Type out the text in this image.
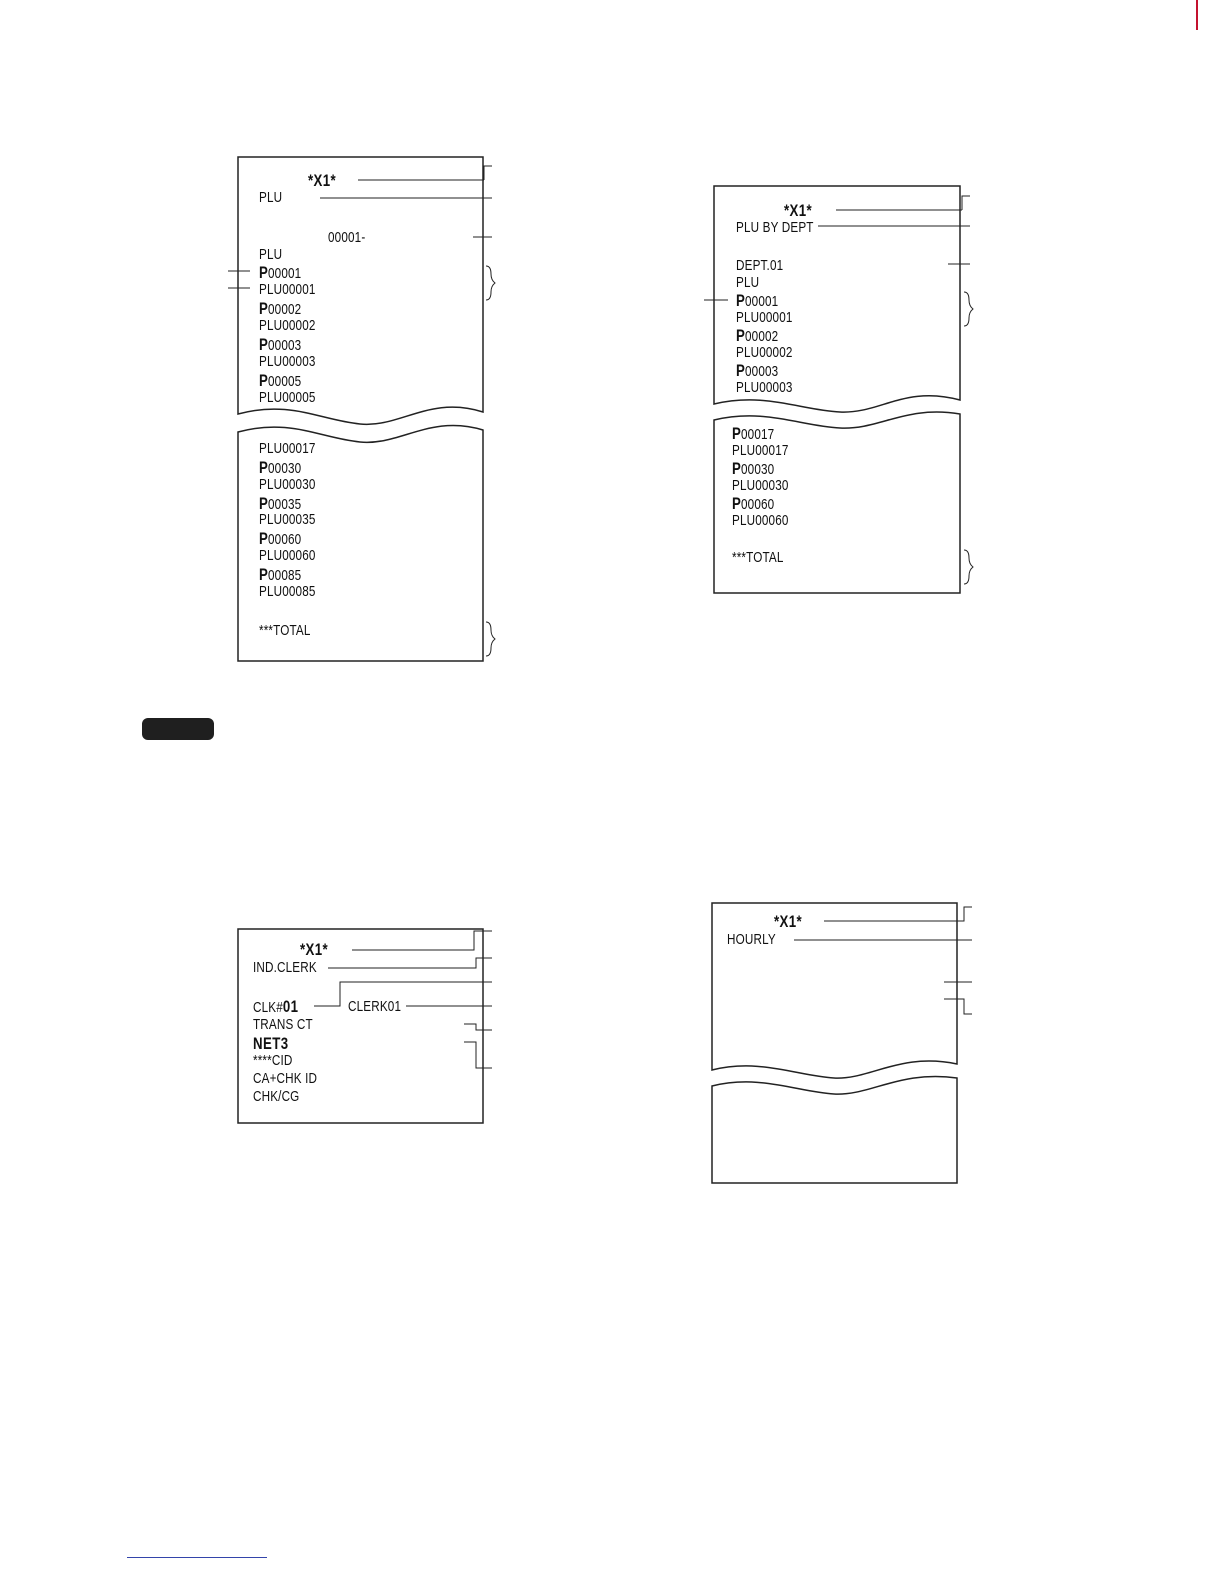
*X1*
PLU
00001-
PLU
P00001
PLU00001
P00002
PLU00002
P00003
PLU00003
P00005
PLU00005
PLU00017
P00030
PLU00030
P00035
PLU00035
P00060
PLU00060
P00085
PLU00085
***TOTAL
*X1*
PLU BY DEPT
DEPT.01
PLU
P00001
PLU00001
P00002
PLU00002
P00003
PLU00003
P00017
PLU00017
P00030
PLU00030
P00060
PLU00060
***TOTAL
*X1*
IND.CLERK
CLK#01	CLERK01
TRANS CT
NET3
****CID
CA+CHK ID
CHK/CG
*X1*
HOURLY
